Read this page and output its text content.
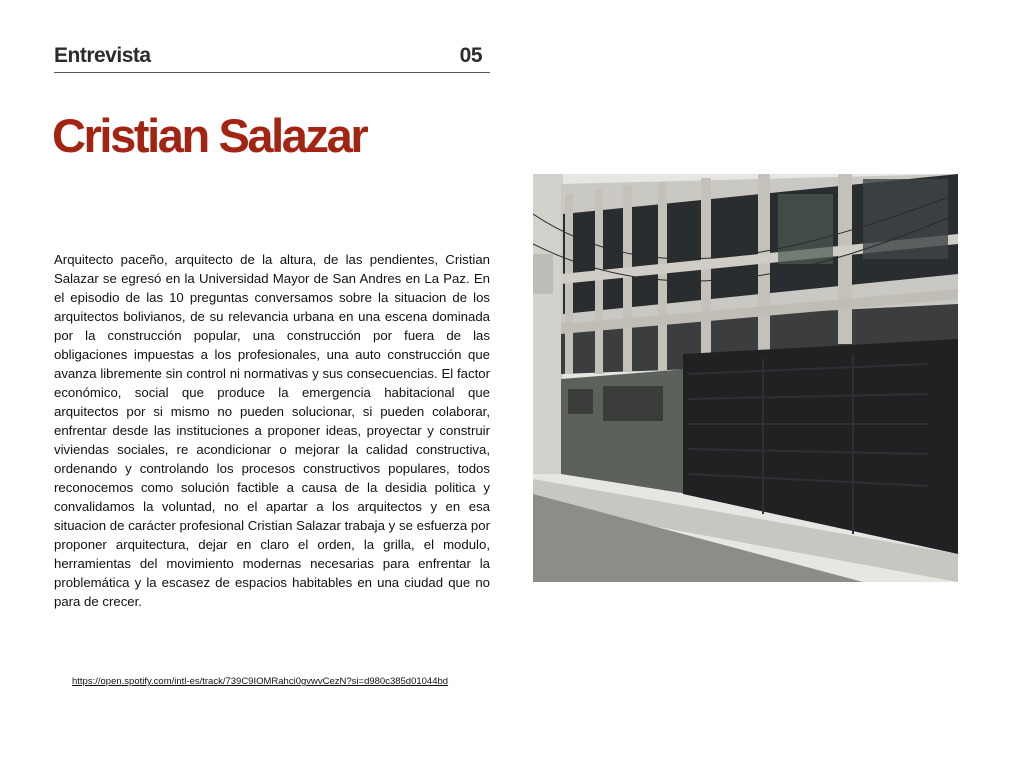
Entrevista	05
Cristian Salazar

Arquitecto paceño, arquitecto de la altura, de las pendientes, Cristian Salazar se egresó en la Universidad Mayor de San Andres en La Paz. En el episodio de las 10 preguntas conversamos sobre la situacion de los arquitectos bolivianos, de su relevancia urbana en una escena dominada por la construcción popular, una construcción por fuera de las obligaciones impuestas a los profesionales, una auto construcción que avanza libremente sin control ni normativas y sus consecuencias. El factor económico, social que produce la emergencia habitacional que arquitectos por si mismo no pueden solucionar, si pueden colaborar, enfrentar desde las instituciones a proponer ideas, proyectar y construir viviendas sociales, re acondicionar o mejorar la calidad constructiva, ordenando y controlando los procesos constructivos populares, todos reconocemos como solución factible a causa de la desidia politica y convalidamos la voluntad, no el apartar a los arquitectos y en esa situacion de carácter profesional Cristian Salazar trabaja y se esfuerza por proponer arquitectura, dejar en claro el orden, la grilla, el modulo, herramientas del movimiento modernas necesarias para enfrentar la problemática y la escasez de espacios habitables en una ciudad que no para de crecer.

https://open.spotify.com/intl-es/track/739C9IOMRahci0gvwvCezN?si=d980c385d01044bd
